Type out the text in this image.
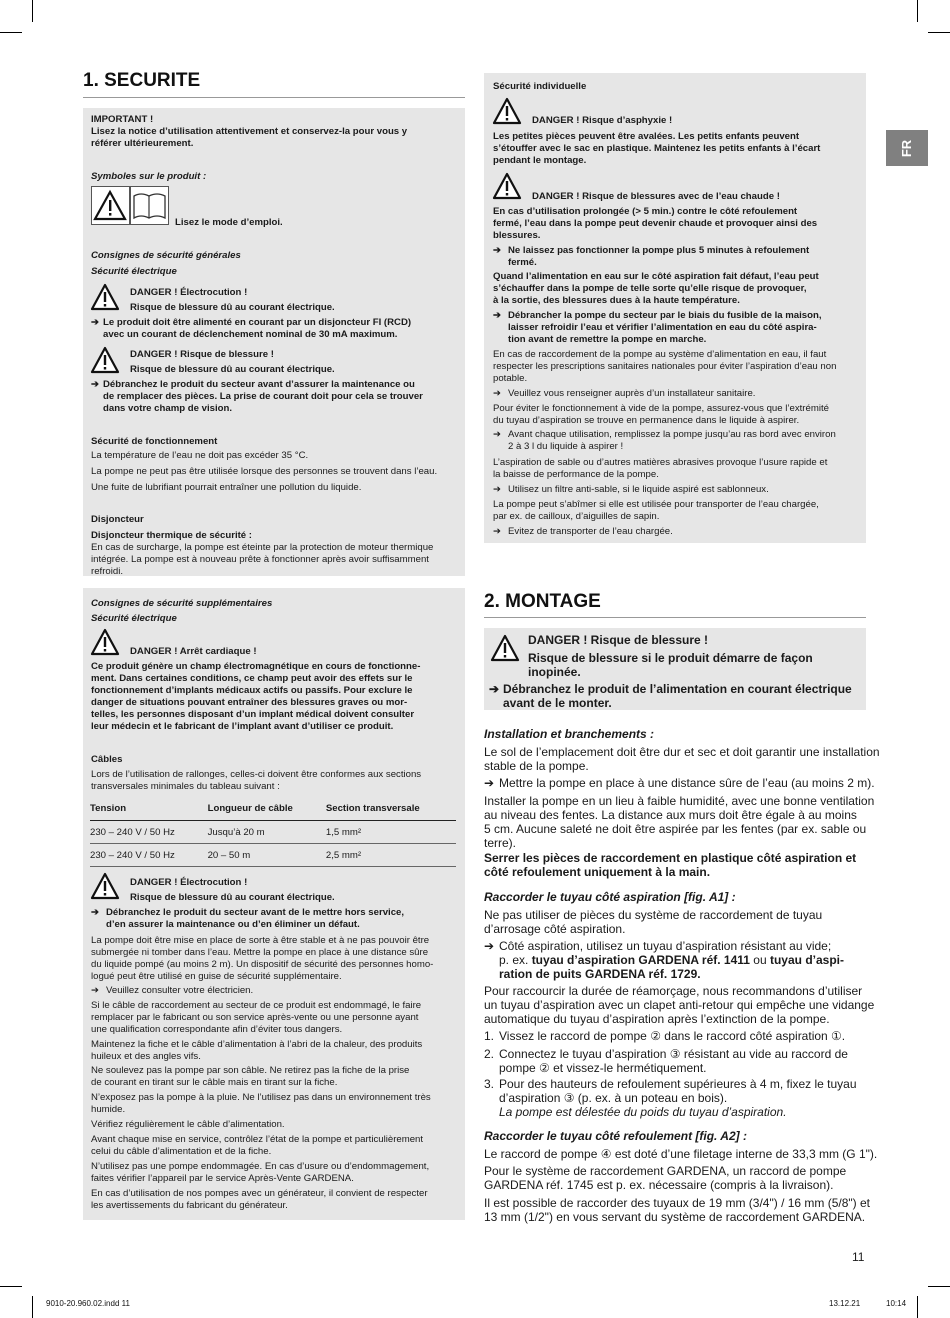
FR
1. SECURITE
IMPORTANT !
Lisez la notice d’utilisation attentivement et conservez-la pour vous y
référer ultérieurement.
Symboles sur le produit :
Lisez le mode d’emploi.
Consignes de sécurité générales
Sécurité électrique
DANGER ! Électrocution !
Risque de blessure dû au courant électrique.
➔ Le produit doit être alimenté en courant par un disjoncteur FI (RCD)
avec un courant de déclenchement nominal de 30 mA maximum.
DANGER ! Risque de blessure !
Risque de blessure dû au courant électrique.
➔ Débranchez le produit du secteur avant d’assurer la maintenance ou
de remplacer des pièces. La prise de courant doit pour cela se trouver
dans votre champ de vision.
Sécurité de fonctionnement
La température de l’eau ne doit pas excéder 35 °C.
La pompe ne peut pas être utilisée lorsque des personnes se trouvent dans l’eau.
Une fuite de lubrifiant pourrait entraîner une pollution du liquide.
Disjoncteur
Disjoncteur thermique de sécurité :
En cas de surcharge, la pompe est éteinte par la protection de moteur thermique
intégrée. La pompe est à nouveau prête à fonctionner après avoir suffisamment
refroidi.
Consignes de sécurité supplémentaires
Sécurité électrique
DANGER ! Arrêt cardiaque !
Ce produit génère un champ électromagnétique en cours de fonctionne-
ment. Dans certaines conditions, ce champ peut avoir des effets sur le
fonctionnement d’implants médicaux actifs ou passifs. Pour exclure le
danger de situations pouvant entraîner des blessures graves ou mor-
telles, les personnes disposant d’un implant médical doivent consulter
leur médecin et le fabricant de l’implant avant d’utiliser ce produit.
Câbles
Lors de l’utilisation de rallonges, celles-ci doivent être conformes aux sections
transversales minimales du tableau suivant :
Tension	Longueur de câble	Section transversale
230 – 240 V / 50 Hz	Jusqu’à 20 m	1,5 mm²
230 – 240 V / 50 Hz	20 – 50 m	2,5 mm²
DANGER ! Électrocution !
Risque de blessure dû au courant électrique.
➔ Débranchez le produit du secteur avant de le mettre hors service,
d’en assurer la maintenance ou d’en éliminer un défaut.
La pompe doit être mise en place de sorte à être stable et à ne pas pouvoir être
submergée ni tomber dans l’eau. Mettre la pompe en place à une distance sûre
du liquide pompé (au moins 2 m). Un dispositif de sécurité des personnes homo-
logué peut être utilisé en guise de sécurité supplémentaire.
➔ Veuillez consulter votre électricien.
Si le câble de raccordement au secteur de ce produit est endommagé, le faire
remplacer par le fabricant ou son service après-vente ou une personne ayant
une qualification correspondante afin d’éviter tous dangers.
Maintenez la fiche et le câble d’alimentation à l’abri de la chaleur, des produits
huileux et des angles vifs.
Ne soulevez pas la pompe par son câble. Ne retirez pas la fiche de la prise
de courant en tirant sur le câble mais en tirant sur la fiche.
N’exposez pas la pompe à la pluie. Ne l’utilisez pas dans un environnement très
humide.
Vérifiez régulièrement le câble d’alimentation.
Avant chaque mise en service, contrôlez l’état de la pompe et particulièrement
celui du câble d’alimentation et de la fiche.
N’utilisez pas une pompe endommagée. En cas d’usure ou d’endommagement,
faites vérifier l’appareil par le service Après-Vente GARDENA.
En cas d’utilisation de nos pompes avec un générateur, il convient de respecter
les avertissements du fabricant du générateur.
Sécurité individuelle
DANGER ! Risque d’asphyxie !
Les petites pièces peuvent être avalées. Les petits enfants peuvent
s’étouffer avec le sac en plastique. Maintenez les petits enfants à l’écart
pendant le montage.
DANGER ! Risque de blessures avec de l’eau chaude !
En cas d’utilisation prolongée (> 5 min.) contre le côté refoulement
fermé, l’eau dans la pompe peut devenir chaude et provoquer ainsi des
blessures.
➔ Ne laissez pas fonctionner la pompe plus 5 minutes à refoulement
fermé.
Quand l’alimentation en eau sur le côté aspiration fait défaut, l’eau peut
s’échauffer dans la pompe de telle sorte qu’elle risque de provoquer,
à la sortie, des blessures dues à la haute température.
➔ Débrancher la pompe du secteur par le biais du fusible de la maison,
laisser refroidir l’eau et vérifier l’alimentation en eau du côté aspira-
tion avant de remettre la pompe en marche.
En cas de raccordement de la pompe au système d’alimentation en eau, il faut
respecter les prescriptions sanitaires nationales pour éviter l’aspiration d’eau non
potable.
➔ Veuillez vous renseigner auprès d’un installateur sanitaire.
Pour éviter le fonctionnement à vide de la pompe, assurez-vous que l’extrémité
du tuyau d’aspiration se trouve en permanence dans le liquide à aspirer.
➔ Avant chaque utilisation, remplissez la pompe jusqu’au ras bord avec environ
2 à 3 l du liquide à aspirer !
L’aspiration de sable ou d’autres matières abrasives provoque l’usure rapide et
la baisse de performance de la pompe.
➔ Utilisez un filtre anti-sable, si le liquide aspiré est sablonneux.
La pompe peut s’abîmer si elle est utilisée pour transporter de l’eau chargée,
par ex. de cailloux, d’aiguilles de sapin.
➔ Evitez de transporter de l’eau chargée.
2. MONTAGE
DANGER ! Risque de blessure !
Risque de blessure si le produit démarre de façon
inopinée.
➔ Débranchez le produit de l’alimentation en courant électrique
avant de le monter.
Installation et branchements :
Le sol de l’emplacement doit être dur et sec et doit garantir une installation
stable de la pompe.
➔ Mettre la pompe en place à une distance sûre de l’eau (au moins 2 m).
Installer la pompe en un lieu à faible humidité, avec une bonne ventilation
au niveau des fentes. La distance aux murs doit être égale à au moins
5 cm. Aucune saleté ne doit être aspirée par les fentes (par ex. sable ou
terre).
Serrer les pièces de raccordement en plastique côté aspiration et
côté refoulement uniquement à la main.
Raccorder le tuyau côté aspiration [fig. A1] :
Ne pas utiliser de pièces du système de raccordement de tuyau
d’arrosage côté aspiration.
➔ Côté aspiration, utilisez un tuyau d’aspiration résistant au vide;
p. ex. tuyau d’aspiration GARDENA réf. 1411 ou tuyau d’aspi-
ration de puits GARDENA réf. 1729.
Pour raccourcir la durée de réamorçage, nous recommandons d’utiliser
un tuyau d’aspiration avec un clapet anti-retour qui empêche une vidange
automatique du tuyau d’aspiration après l’extinction de la pompe.
1. Vissez le raccord de pompe ② dans le raccord côté aspiration ①.
2. Connectez le tuyau d’aspiration ③ résistant au vide au raccord de
pompe ② et vissez-le hermétiquement.
3. Pour des hauteurs de refoulement supérieures à 4 m, fixez le tuyau
d’aspiration ③ (p. ex. à un poteau en bois).
La pompe est délestée du poids du tuyau d’aspiration.
Raccorder le tuyau côté refoulement [fig. A2] :
Le raccord de pompe ④ est doté d’une filetage interne de 33,3 mm (G 1").
Pour le système de raccordement GARDENA, un raccord de pompe
GARDENA réf. 1745 est p. ex. nécessaire (compris à la livraison).
Il est possible de raccorder des tuyaux de 19 mm (3/4") / 16 mm (5/8") et
13 mm (1/2") en vous servant du système de raccordement GARDENA.
11
9010-20.960.02.indd 11	13.12.21	10:14
